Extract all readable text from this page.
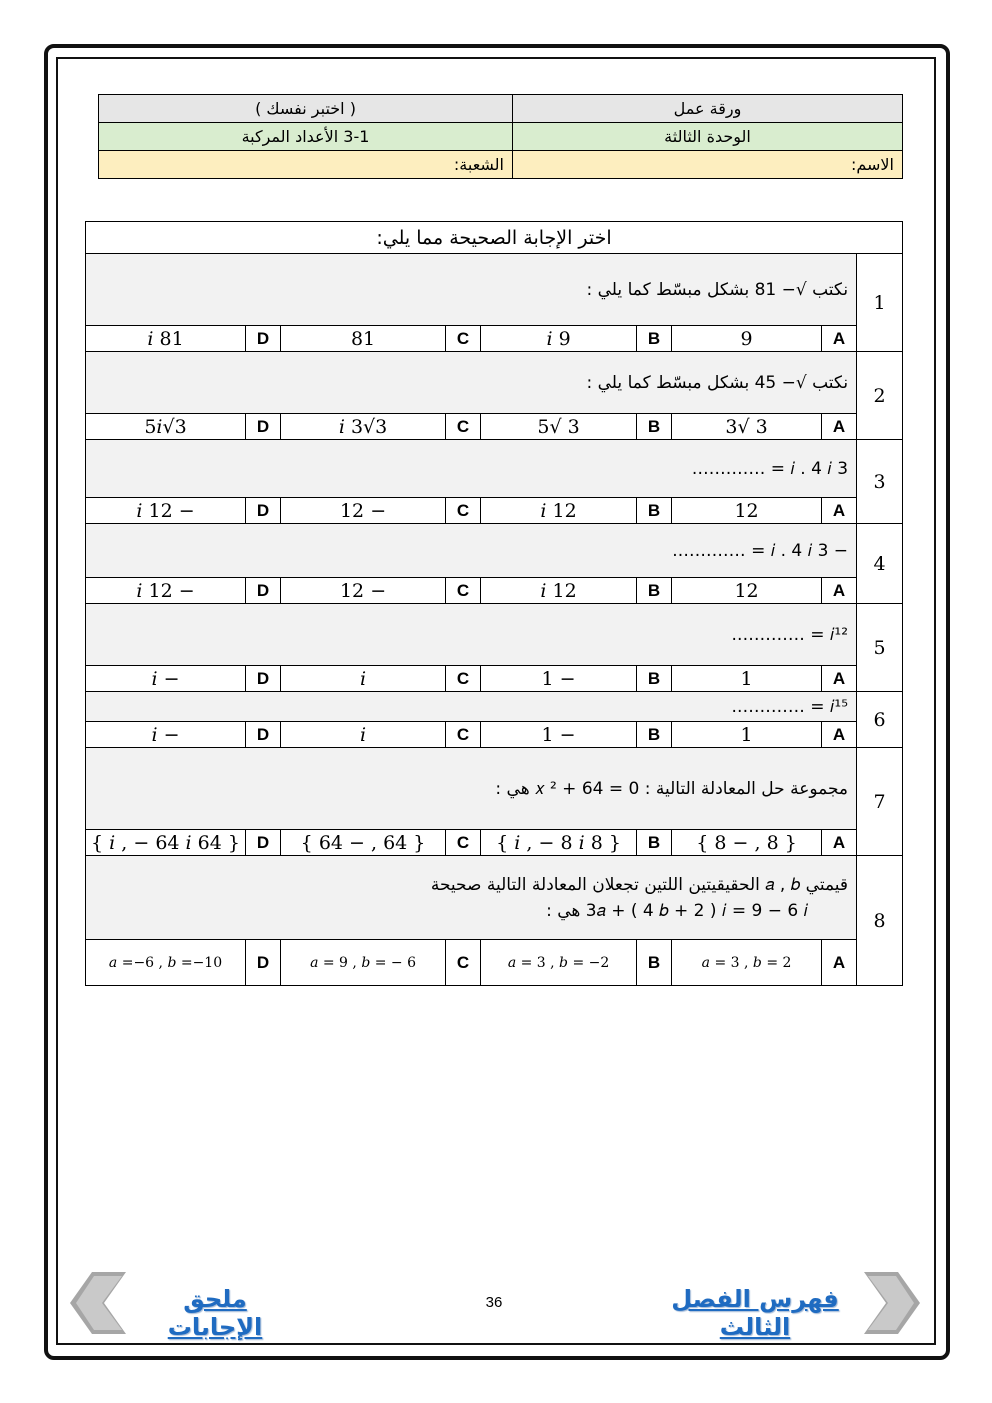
ورقة عمل	( اختبر نفسك )
الوحدة الثالثة	3-1 الأعداد المركبة
الاسم:	الشعبة:
اختر الإجابة الصحيحة مما يلي:								
1	نكتب √− 81 بشكل مبسّط كما يلي :							
	A	9	B	9 𝑖	C	81	D	81 𝑖
2	نكتب √− 45 بشكل مبسّط كما يلي :							
	A	3 √3	B	3 √5	C	3√3 𝑖	D	3√5𝑖
3	3 𝑖 . 4 𝑖 = ………….							
	A	12	B	12 𝑖	C	− 12	D	− 12 𝑖
4	− 3 𝑖 . 4 𝑖 = ………….							
	A	12	B	12 𝑖	C	− 12	D	− 12 𝑖
5	𝑖¹² = ………….							
	A	1	B	− 1	C	𝑖	D	− 𝑖
6	𝑖¹⁵ = ………….							
	A	1	B	− 1	C	𝑖	D	− 𝑖
7	مجموعة حل المعادلة التالية : 𝑥 ² + 64 = 0 هي :							
	A	{ 8 , − 8 }	B	{ 8 𝑖 , − 8 𝑖 }	C	{ 64 , − 64 }	D	{ 64 𝑖 , − 64 𝑖 }
8	قيمتي 𝑎 , 𝑏 الحقيقيتين اللتين تجعلان المعادلة التالية صحيحة
3𝑎 + ( 4 𝑏 + 2 ) 𝑖 = 9 − 6 𝑖 هي :							

	A	𝑎 = 3 , 𝑏 = 2	B	𝑎 = 3 , 𝑏 = −2	C	𝑎 = 9 , 𝑏 = − 6	D	𝑎 =−6 , 𝑏 =−10
فهرس الفصل الثالث
36
ملحق الإجابات
